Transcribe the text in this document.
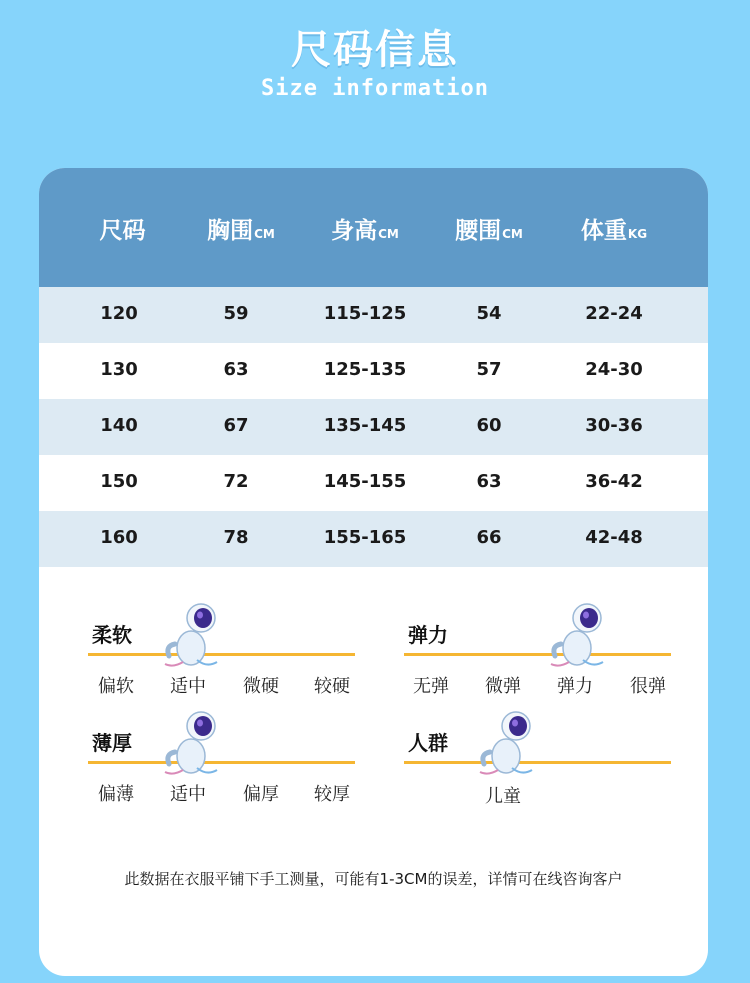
尺码信息
Size information
尺码	胸围CM 身高CM 腰围CM	体重KG
120	59	115-125	54	22-24
130	63	125-135	57	24-30
140	67	135-145	60	30-36
150	72	145-155	63	36-42
160	78	155-165	66	42-48
柔软
偏软 适中 微硬 较硬
弹力
无弹 微弹 弹力 很弹
薄厚
偏薄 适中 偏厚 较厚
人群
儿童
此数据在衣服平铺下手工测量，可能有1-3CM的误差，详情可在线咨询客户
